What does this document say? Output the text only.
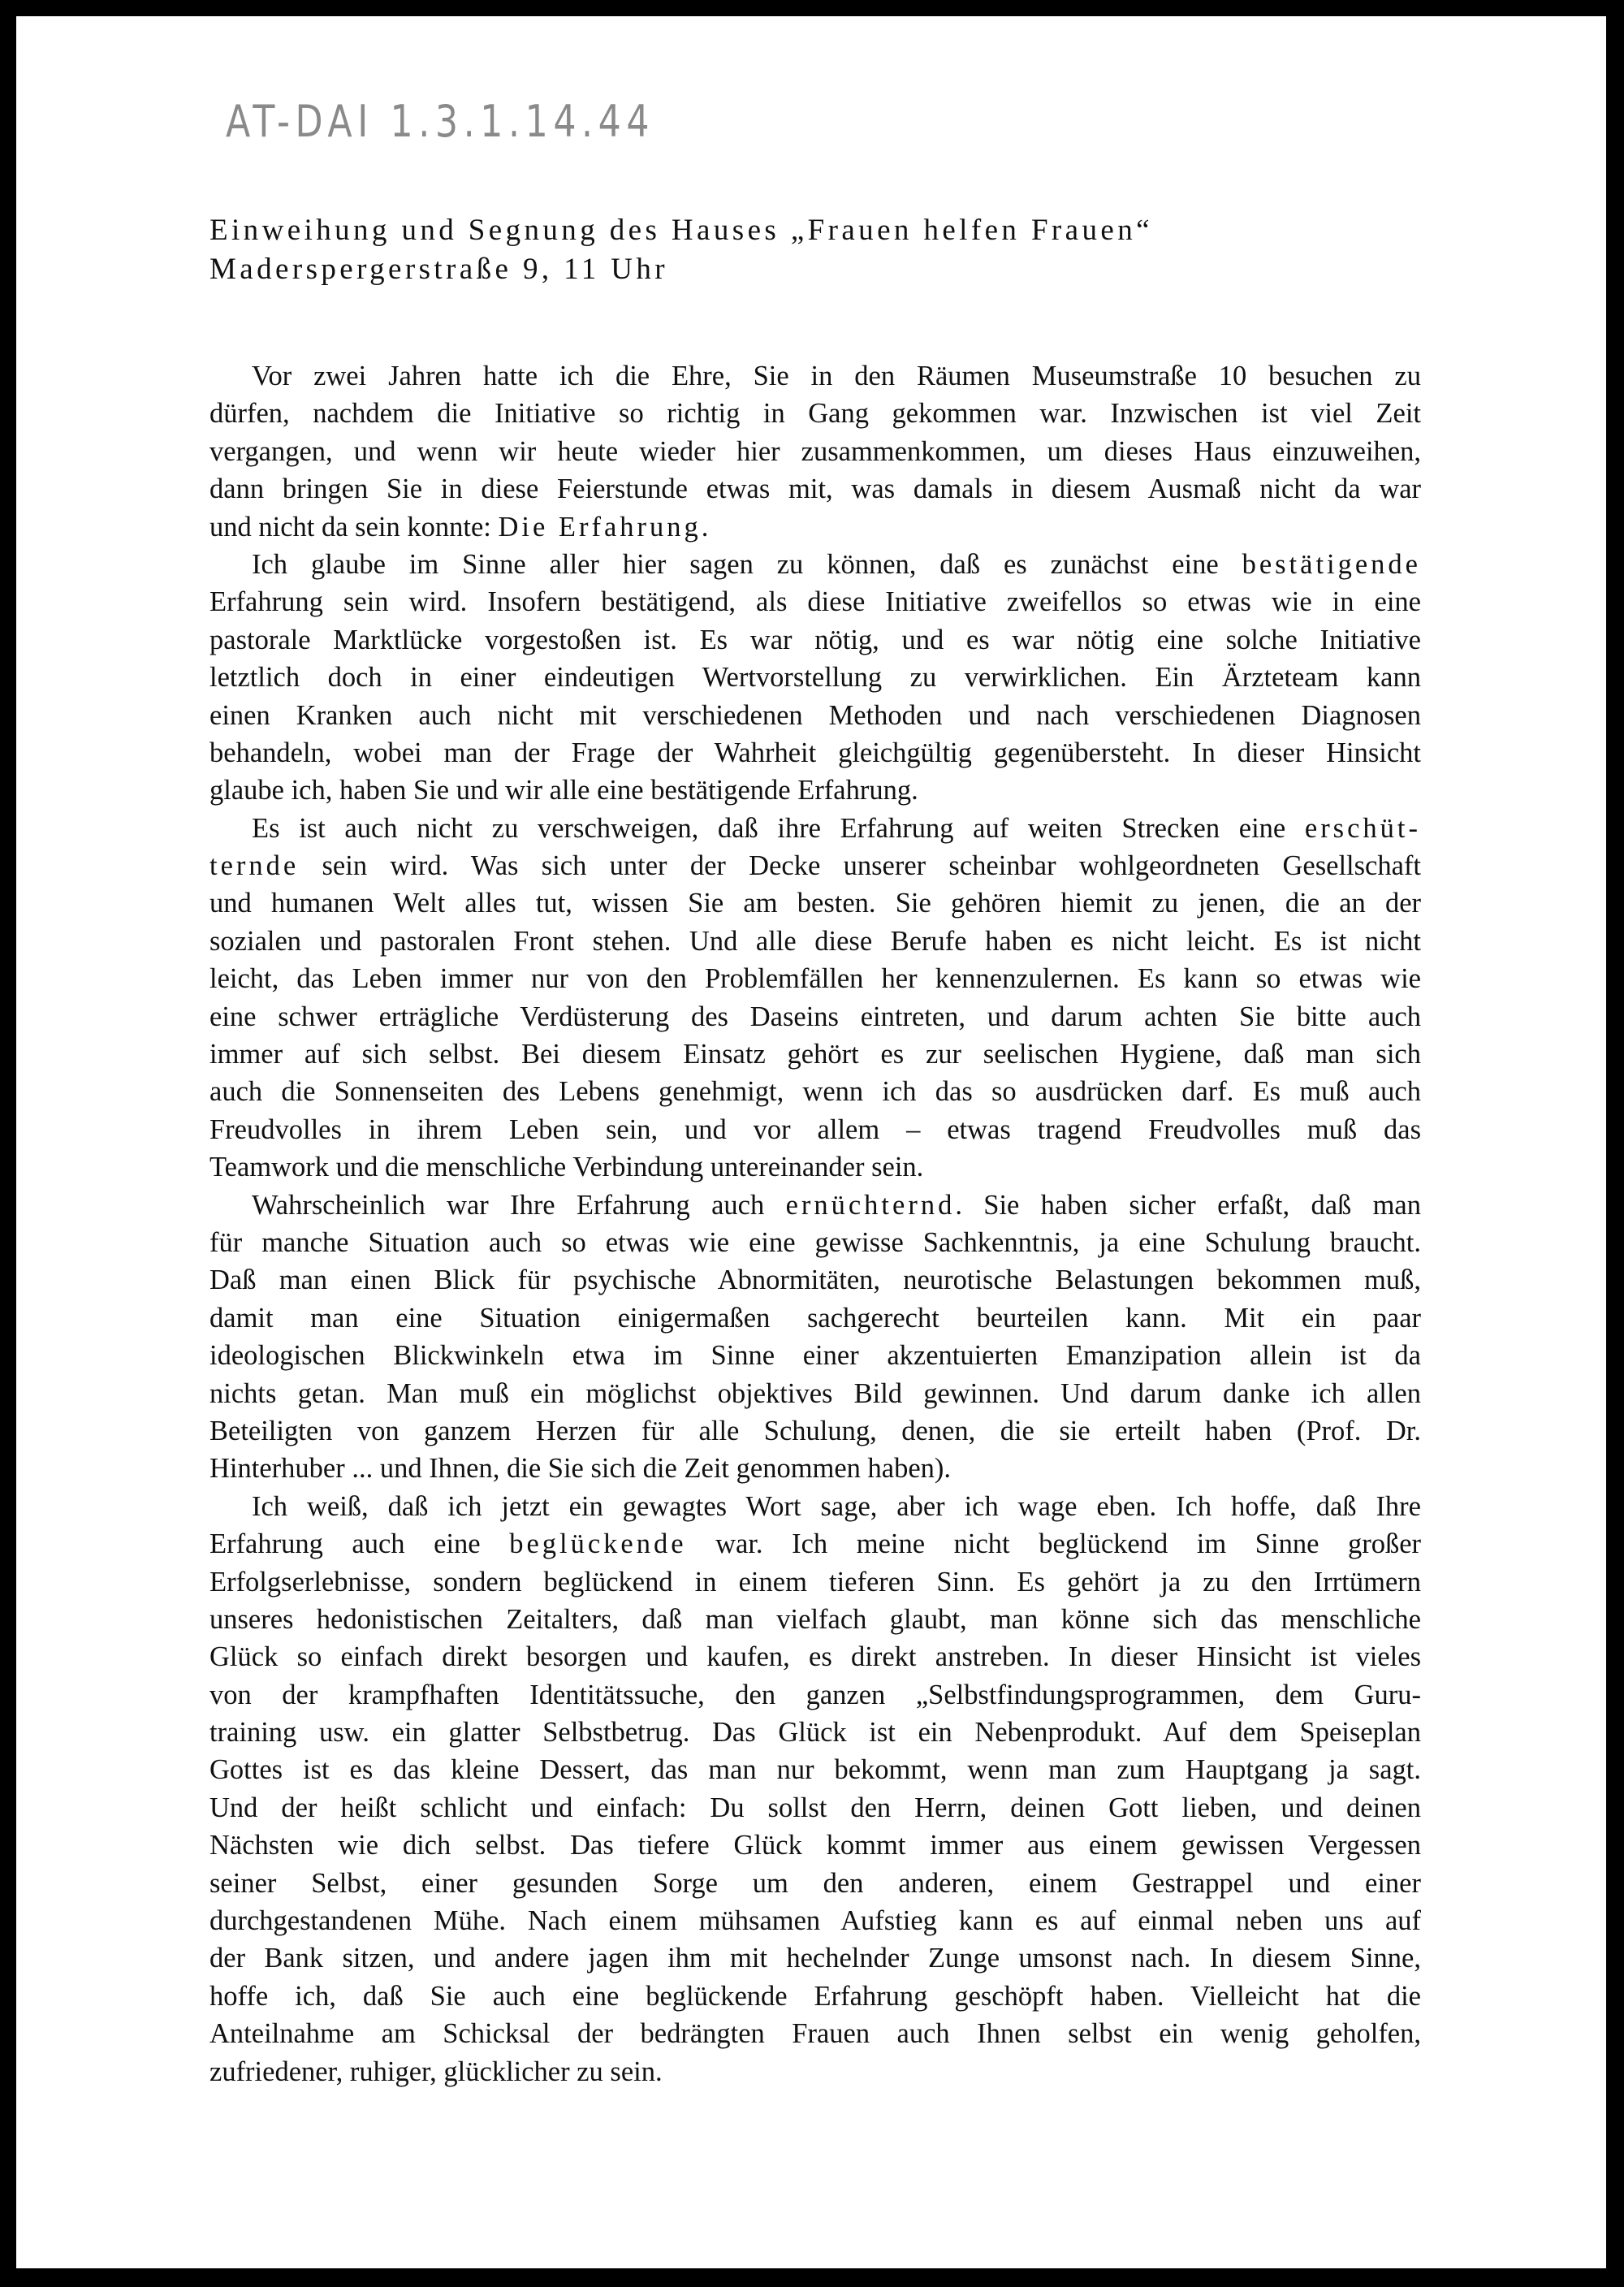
AT-DAI 1.3.1.14.44
Einweihung und Segnung des Hauses „Frauen helfen Frauen“
Maderspergerstraße 9, 11 Uhr
Vor zwei Jahren hatte ich die Ehre, Sie in den Räumen Museumstraße 10 besuchen zu
dürfen, nachdem die Initiative so richtig in Gang gekommen war. Inzwischen ist viel Zeit
vergangen, und wenn wir heute wieder hier zusammenkommen, um dieses Haus einzuweihen,
dann bringen Sie in diese Feierstunde etwas mit, was damals in diesem Ausmaß nicht da war
und nicht da sein konnte: Die Erfahrung.
Ich glaube im Sinne aller hier sagen zu können, daß es zunächst eine bestätigende
Erfahrung sein wird. Insofern bestätigend, als diese Initiative zweifellos so etwas wie in eine
pastorale Marktlücke vorgestoßen ist. Es war nötig, und es war nötig eine solche Initiative
letztlich doch in einer eindeutigen Wertvorstellung zu verwirklichen. Ein Ärzteteam kann
einen Kranken auch nicht mit verschiedenen Methoden und nach verschiedenen Diagnosen
behandeln, wobei man der Frage der Wahrheit gleichgültig gegenübersteht. In dieser Hinsicht
glaube ich, haben Sie und wir alle eine bestätigende Erfahrung.
Es ist auch nicht zu verschweigen, daß ihre Erfahrung auf weiten Strecken eine erschüt-
ternde sein wird. Was sich unter der Decke unserer scheinbar wohlgeordneten Gesellschaft
und humanen Welt alles tut, wissen Sie am besten. Sie gehören hiemit zu jenen, die an der
sozialen und pastoralen Front stehen. Und alle diese Berufe haben es nicht leicht. Es ist nicht
leicht, das Leben immer nur von den Problemfällen her kennenzulernen. Es kann so etwas wie
eine schwer erträgliche Verdüsterung des Daseins eintreten, und darum achten Sie bitte auch
immer auf sich selbst. Bei diesem Einsatz gehört es zur seelischen Hygiene, daß man sich
auch die Sonnenseiten des Lebens genehmigt, wenn ich das so ausdrücken darf. Es muß auch
Freudvolles in ihrem Leben sein, und vor allem – etwas tragend Freudvolles muß das
Teamwork und die menschliche Verbindung untereinander sein.
Wahrscheinlich war Ihre Erfahrung auch ernüchternd. Sie haben sicher erfaßt, daß man
für manche Situation auch so etwas wie eine gewisse Sachkenntnis, ja eine Schulung braucht.
Daß man einen Blick für psychische Abnormitäten, neurotische Belastungen bekommen muß,
damit man eine Situation einigermaßen sachgerecht beurteilen kann. Mit ein paar
ideologischen Blickwinkeln etwa im Sinne einer akzentuierten Emanzipation allein ist da
nichts getan. Man muß ein möglichst objektives Bild gewinnen. Und darum danke ich allen
Beteiligten von ganzem Herzen für alle Schulung, denen, die sie erteilt haben (Prof. Dr.
Hinterhuber ... und Ihnen, die Sie sich die Zeit genommen haben).
Ich weiß, daß ich jetzt ein gewagtes Wort sage, aber ich wage eben. Ich hoffe, daß Ihre
Erfahrung auch eine beglückende war. Ich meine nicht beglückend im Sinne großer
Erfolgserlebnisse, sondern beglückend in einem tieferen Sinn. Es gehört ja zu den Irrtümern
unseres hedonistischen Zeitalters, daß man vielfach glaubt, man könne sich das menschliche
Glück so einfach direkt besorgen und kaufen, es direkt anstreben. In dieser Hinsicht ist vieles
von der krampfhaften Identitätssuche, den ganzen „Selbstfindungsprogrammen, dem Guru-
training usw. ein glatter Selbstbetrug. Das Glück ist ein Nebenprodukt. Auf dem Speiseplan
Gottes ist es das kleine Dessert, das man nur bekommt, wenn man zum Hauptgang ja sagt.
Und der heißt schlicht und einfach: Du sollst den Herrn, deinen Gott lieben, und deinen
Nächsten wie dich selbst. Das tiefere Glück kommt immer aus einem gewissen Vergessen
seiner Selbst, einer gesunden Sorge um den anderen, einem Gestrappel und einer
durchgestandenen Mühe. Nach einem mühsamen Aufstieg kann es auf einmal neben uns auf
der Bank sitzen, und andere jagen ihm mit hechelnder Zunge umsonst nach. In diesem Sinne,
hoffe ich, daß Sie auch eine beglückende Erfahrung geschöpft haben. Vielleicht hat die
Anteilnahme am Schicksal der bedrängten Frauen auch Ihnen selbst ein wenig geholfen,
zufriedener, ruhiger, glücklicher zu sein.
